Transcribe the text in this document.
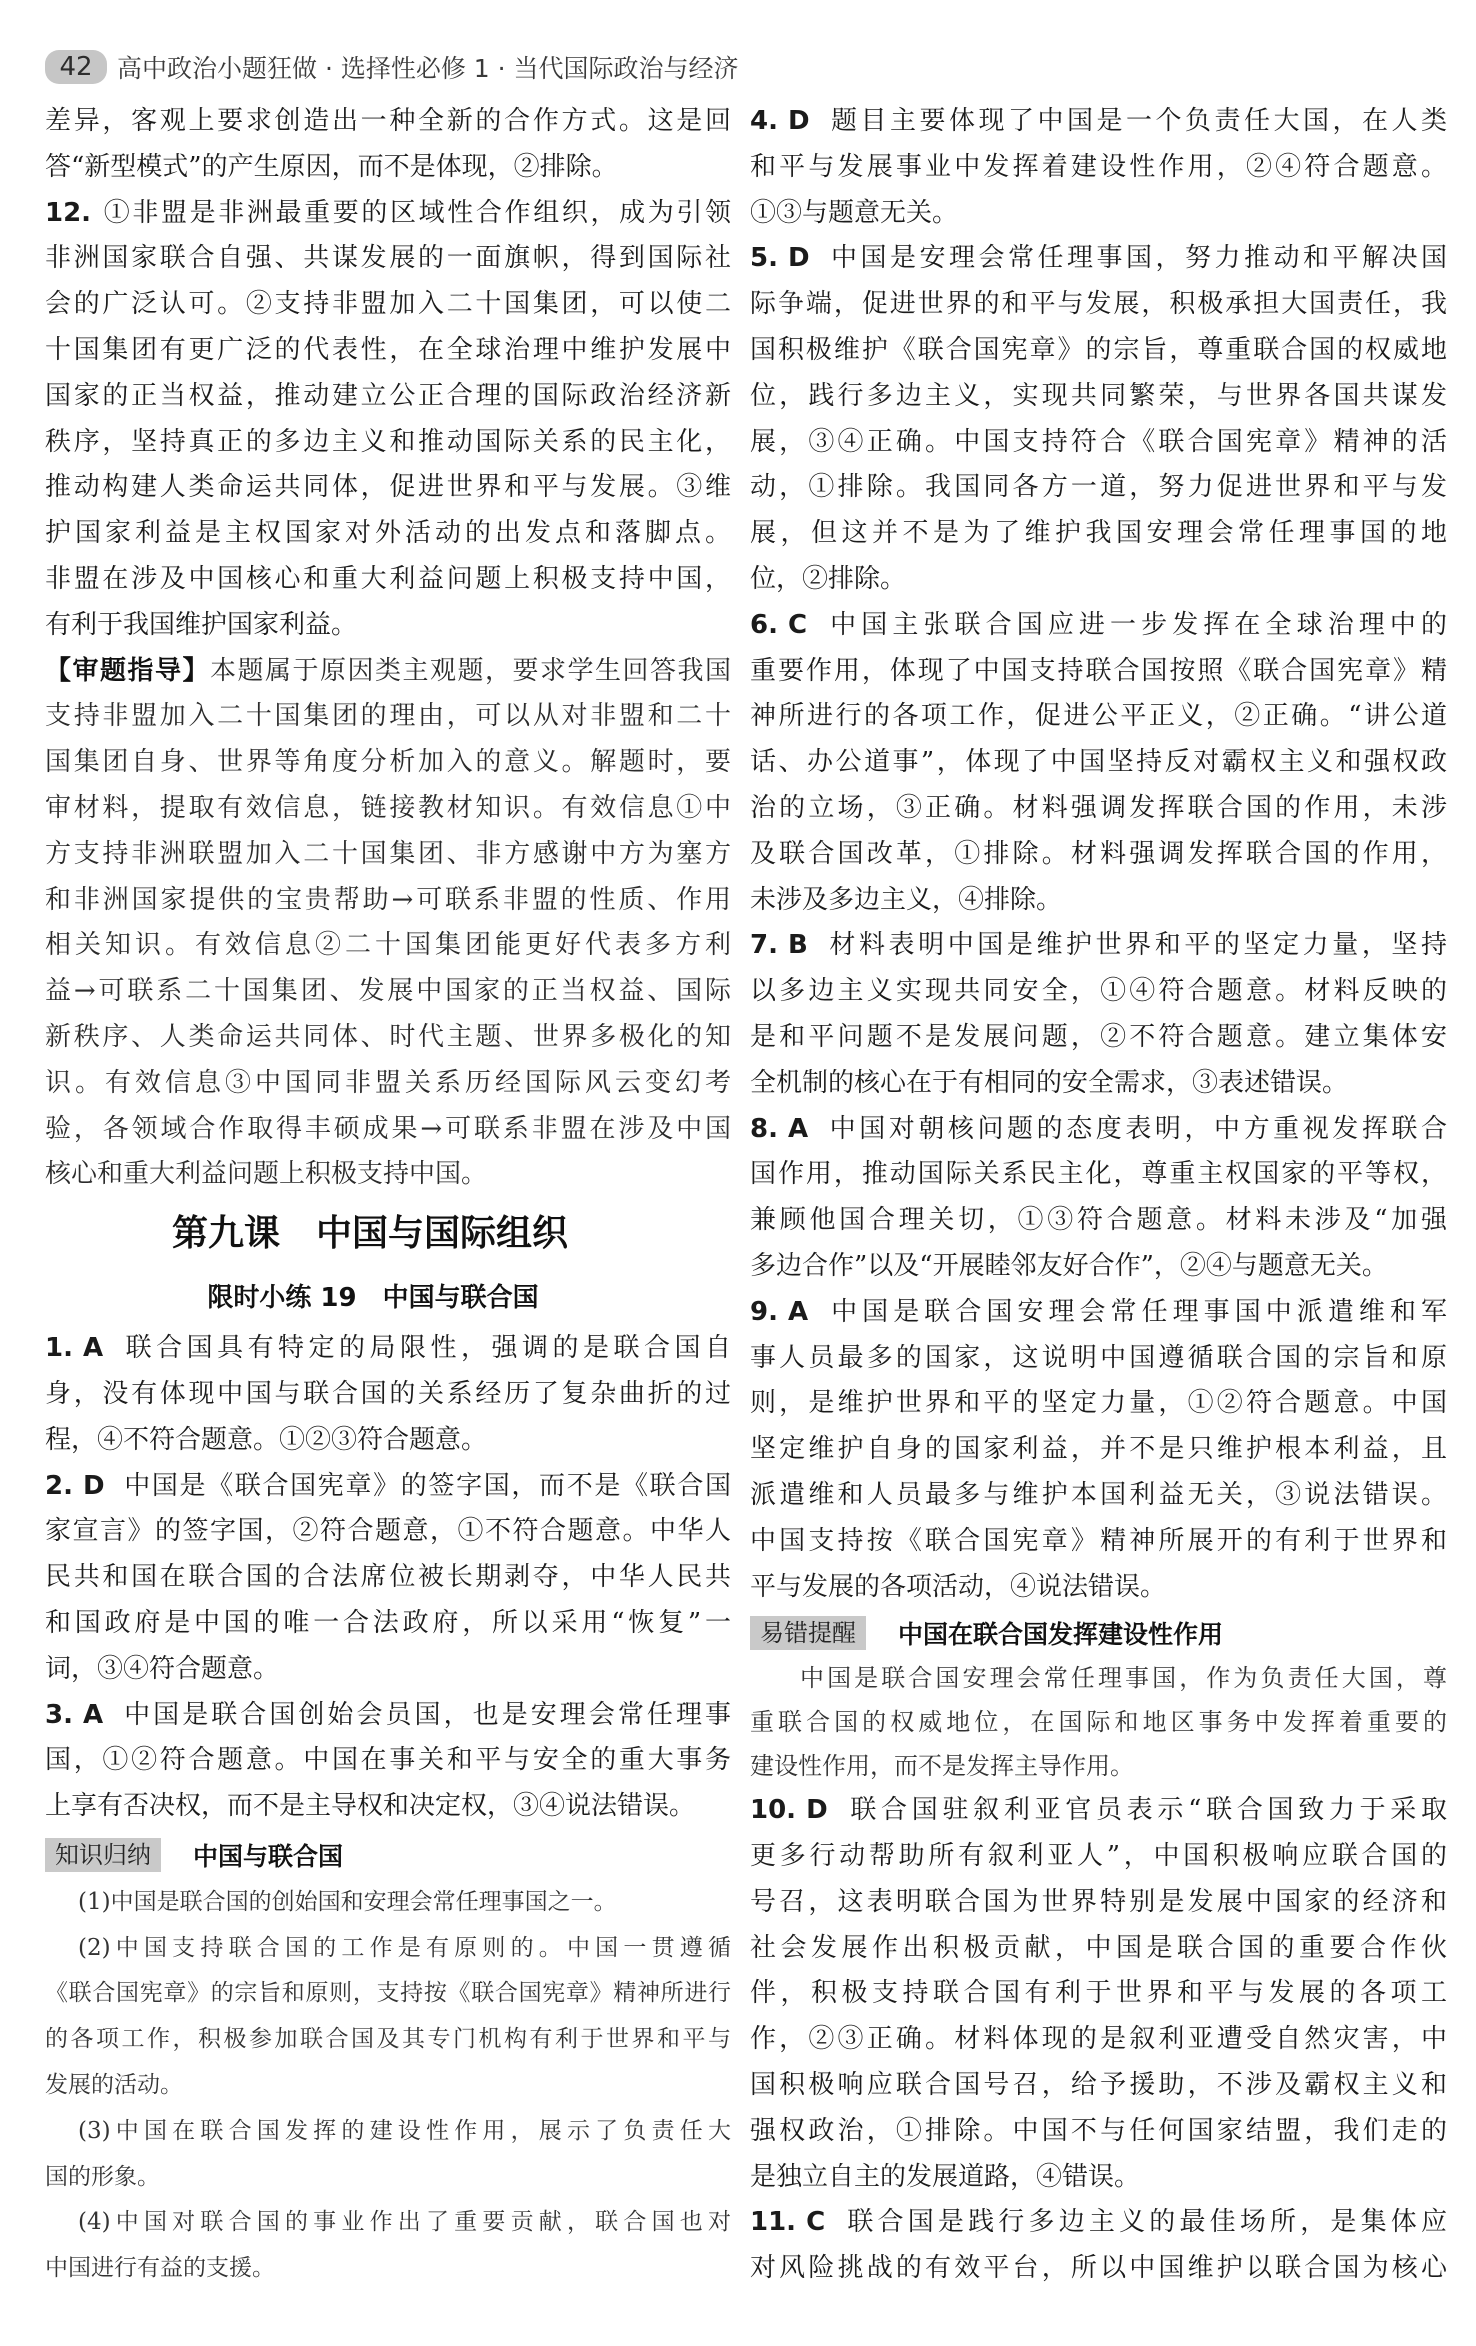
42 高中政治小题狂做 · 选择性必修 1 · 当代国际政治与经济
差异，客观上要求创造出一种全新的合作方式。这是回
答“新型模式”的产生原因，而不是体现，②排除。
12. ①非盟是非洲最重要的区域性合作组织，成为引领
非洲国家联合自强、共谋发展的一面旗帜，得到国际社
会的广泛认可。②支持非盟加入二十国集团，可以使二
十国集团有更广泛的代表性，在全球治理中维护发展中
国家的正当权益，推动建立公正合理的国际政治经济新
秩序，坚持真正的多边主义和推动国际关系的民主化，
推动构建人类命运共同体，促进世界和平与发展。③维
护国家利益是主权国家对外活动的出发点和落脚点。
非盟在涉及中国核心和重大利益问题上积极支持中国，
有利于我国维护国家利益。
【审题指导】本题属于原因类主观题，要求学生回答我国
支持非盟加入二十国集团的理由，可以从对非盟和二十
国集团自身、世界等角度分析加入的意义。解题时，要
审材料，提取有效信息，链接教材知识。有效信息①中
方支持非洲联盟加入二十国集团、非方感谢中方为塞方
和非洲国家提供的宝贵帮助→可联系非盟的性质、作用
相关知识。有效信息②二十国集团能更好代表多方利
益→可联系二十国集团、发展中国家的正当权益、国际
新秩序、人类命运共同体、时代主题、世界多极化的知
识。有效信息③中国同非盟关系历经国际风云变幻考
验，各领域合作取得丰硕成果→可联系非盟在涉及中国
核心和重大利益问题上积极支持中国。
第九课　中国与国际组织
限时小练 19　中国与联合国
1. A 联合国具有特定的局限性，强调的是联合国自
身，没有体现中国与联合国的关系经历了复杂曲折的过
程，④不符合题意。①②③符合题意。
2. D 中国是《联合国宪章》的签字国，而不是《联合国
家宣言》的签字国，②符合题意，①不符合题意。中华人
民共和国在联合国的合法席位被长期剥夺，中华人民共
和国政府是中国的唯一合法政府，所以采用“恢复”一
词，③④符合题意。
3. A 中国是联合国创始会员国，也是安理会常任理事
国，①②符合题意。中国在事关和平与安全的重大事务
上享有否决权，而不是主导权和决定权，③④说法错误。
知识归纳	中国与联合国
(1)中国是联合国的创始国和安理会常任理事国之一。
(2)中国支持联合国的工作是有原则的。中国一贯遵循
《联合国宪章》的宗旨和原则，支持按《联合国宪章》精神所进行
的各项工作，积极参加联合国及其专门机构有利于世界和平与
发展的活动。
(3)中国在联合国发挥的建设性作用，展示了负责任大
国的形象。
(4)中国对联合国的事业作出了重要贡献，联合国也对
中国进行有益的支援。
4. D 题目主要体现了中国是一个负责任大国，在人类
和平与发展事业中发挥着建设性作用，②④符合题意。
①③与题意无关。
5. D 中国是安理会常任理事国，努力推动和平解决国
际争端，促进世界的和平与发展，积极承担大国责任，我
国积极维护《联合国宪章》的宗旨，尊重联合国的权威地
位，践行多边主义，实现共同繁荣，与世界各国共谋发
展，③④正确。中国支持符合《联合国宪章》精神的活
动，①排除。我国同各方一道，努力促进世界和平与发
展，但这并不是为了维护我国安理会常任理事国的地
位，②排除。
6. C 中国主张联合国应进一步发挥在全球治理中的
重要作用，体现了中国支持联合国按照《联合国宪章》精
神所进行的各项工作，促进公平正义，②正确。“讲公道
话、办公道事”，体现了中国坚持反对霸权主义和强权政
治的立场，③正确。材料强调发挥联合国的作用，未涉
及联合国改革，①排除。材料强调发挥联合国的作用，
未涉及多边主义，④排除。
7. B 材料表明中国是维护世界和平的坚定力量，坚持
以多边主义实现共同安全，①④符合题意。材料反映的
是和平问题不是发展问题，②不符合题意。建立集体安
全机制的核心在于有相同的安全需求，③表述错误。
8. A 中国对朝核问题的态度表明，中方重视发挥联合
国作用，推动国际关系民主化，尊重主权国家的平等权，
兼顾他国合理关切，①③符合题意。材料未涉及“加强
多边合作”以及“开展睦邻友好合作”，②④与题意无关。
9. A 中国是联合国安理会常任理事国中派遣维和军
事人员最多的国家，这说明中国遵循联合国的宗旨和原
则，是维护世界和平的坚定力量，①②符合题意。中国
坚定维护自身的国家利益，并不是只维护根本利益，且
派遣维和人员最多与维护本国利益无关，③说法错误。
中国支持按《联合国宪章》精神所展开的有利于世界和
平与发展的各项活动，④说法错误。
易错提醒	中国在联合国发挥建设性作用
中国是联合国安理会常任理事国，作为负责任大国，尊
重联合国的权威地位，在国际和地区事务中发挥着重要的
建设性作用，而不是发挥主导作用。
10. D 联合国驻叙利亚官员表示“联合国致力于采取
更多行动帮助所有叙利亚人”，中国积极响应联合国的
号召，这表明联合国为世界特别是发展中国家的经济和
社会发展作出积极贡献，中国是联合国的重要合作伙
伴，积极支持联合国有利于世界和平与发展的各项工
作，②③正确。材料体现的是叙利亚遭受自然灾害，中
国积极响应联合国号召，给予援助，不涉及霸权主义和
强权政治，①排除。中国不与任何国家结盟，我们走的
是独立自主的发展道路，④错误。
11. C 联合国是践行多边主义的最佳场所，是集体应
对风险挑战的有效平台，所以中国维护以联合国为核心
